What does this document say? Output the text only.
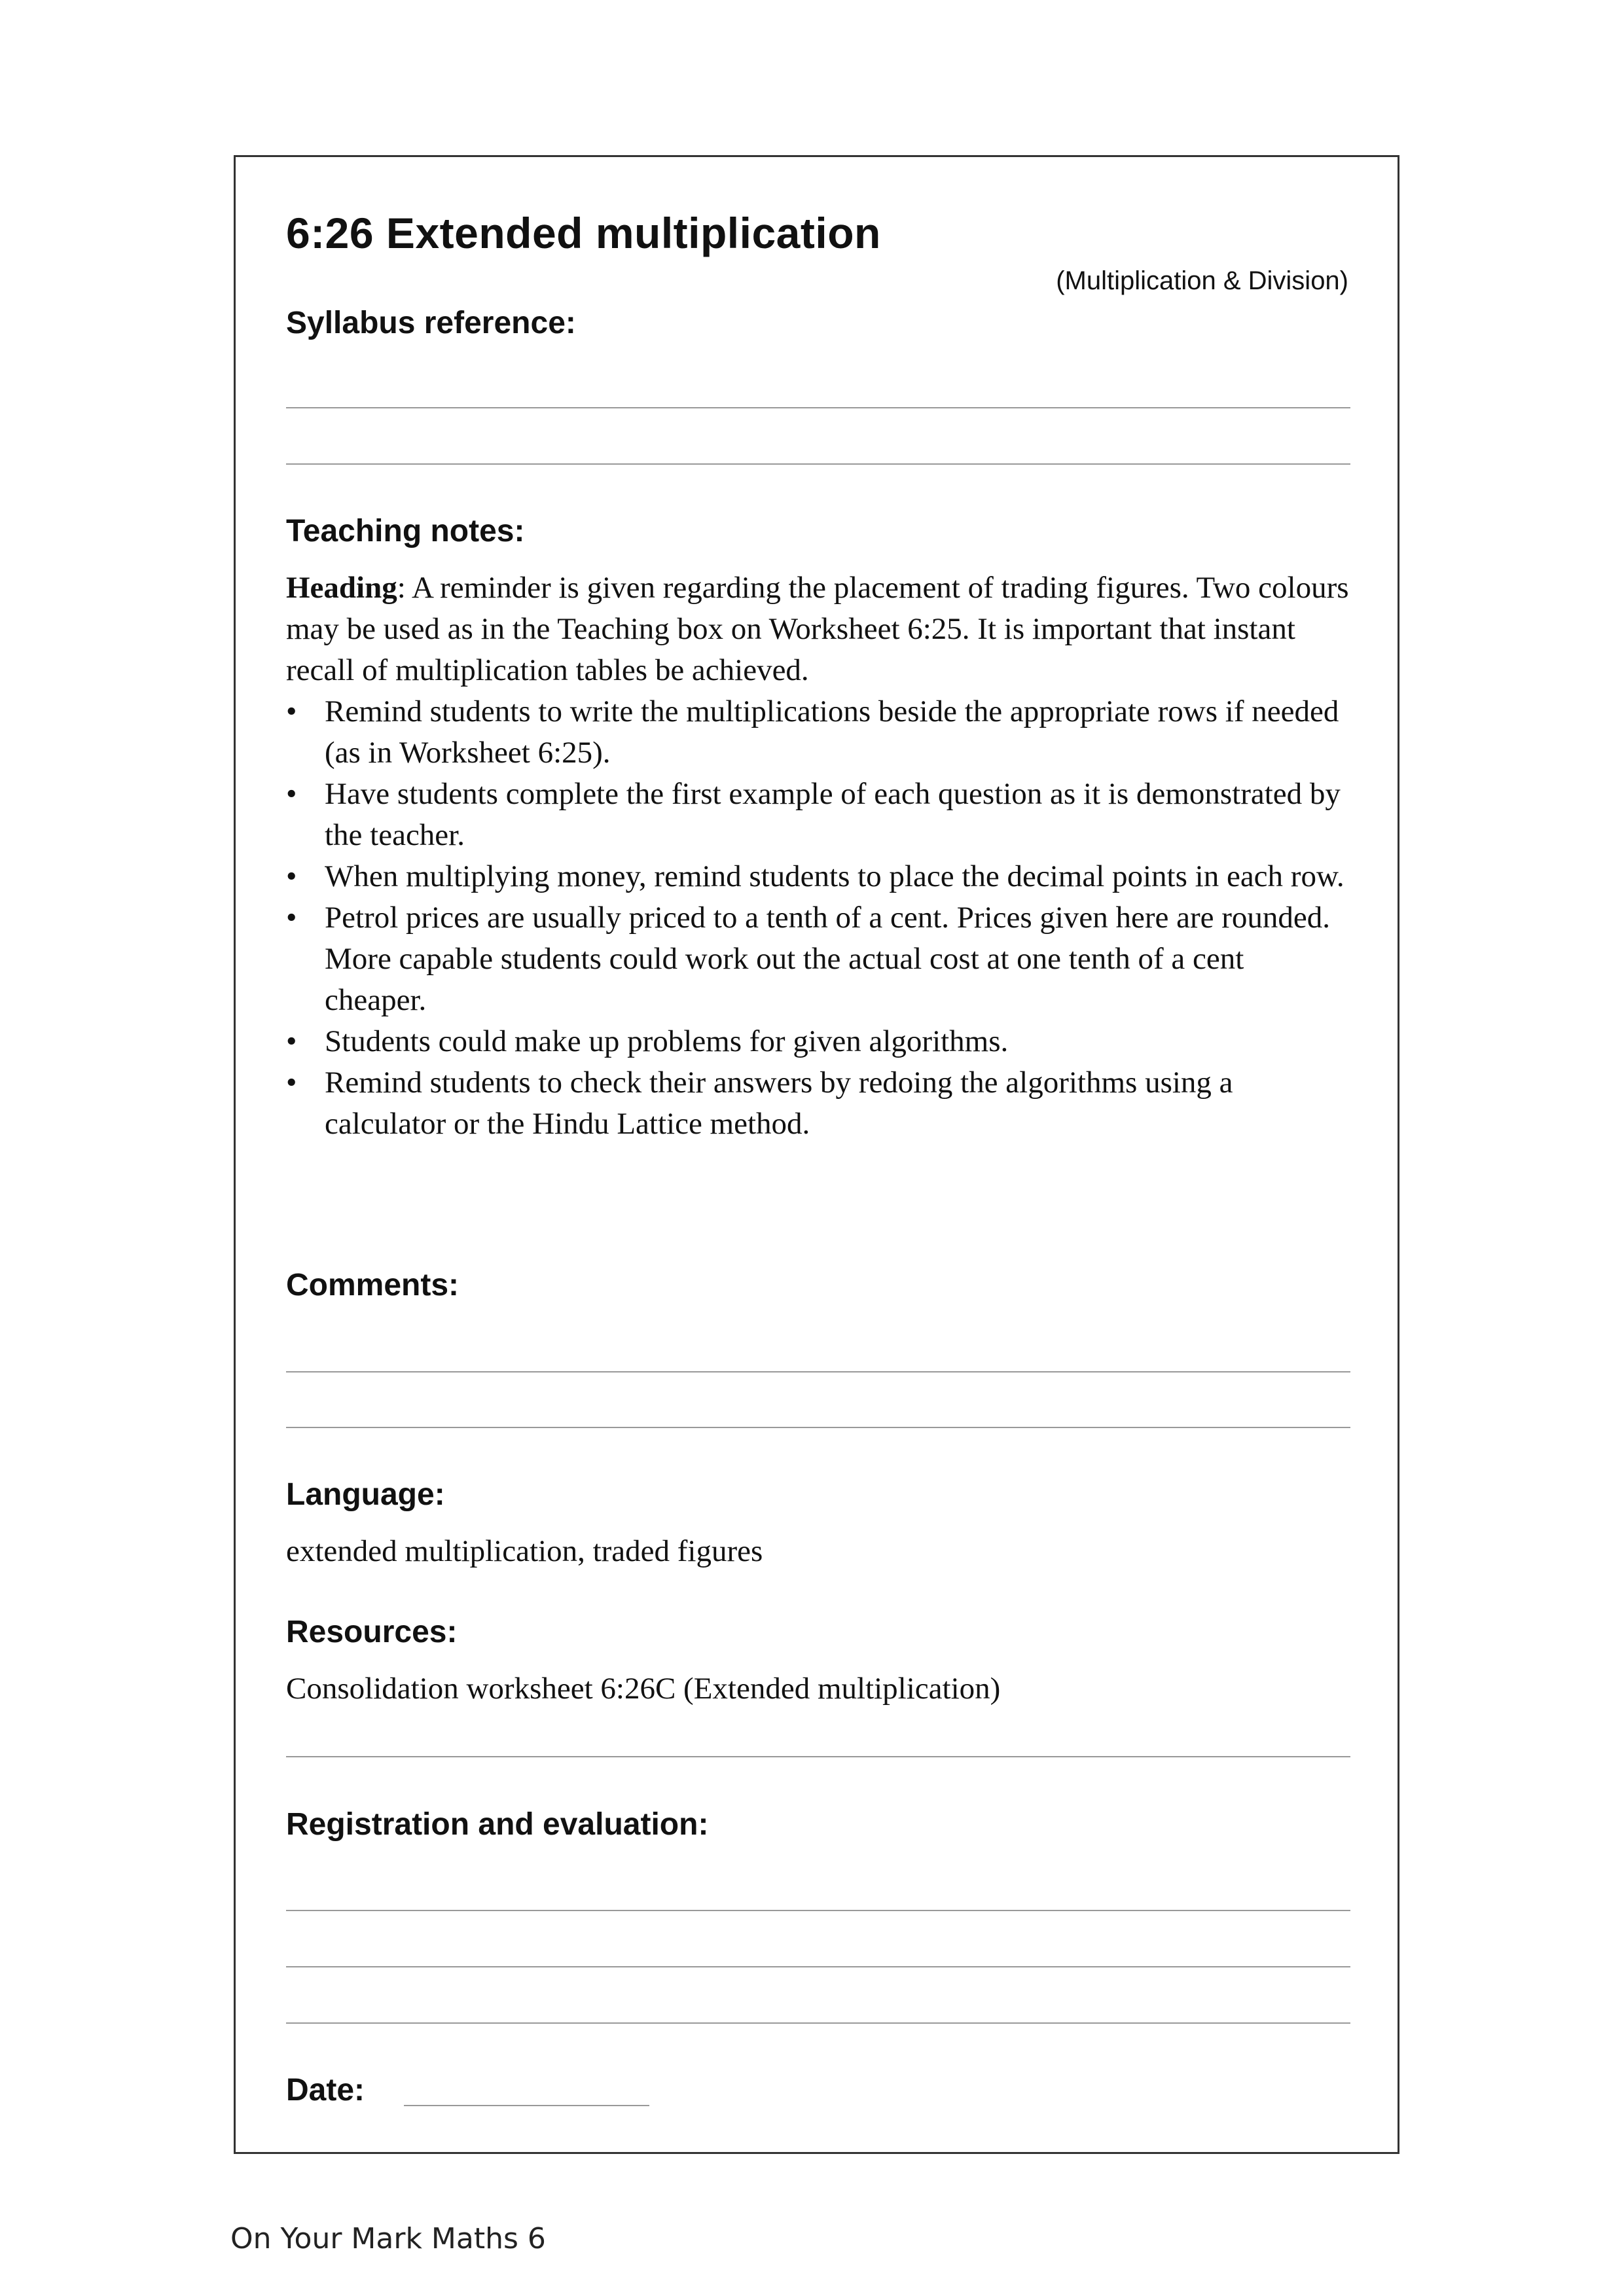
6:26 Extended multiplication
(Multiplication & Division)
Syllabus reference:
Teaching notes:

Heading: A reminder is given regarding the placement of trading figures. Two colours may be used as in the Teaching box on Worksheet 6:25. It is important that instant recall of multiplication tables be achieved.

• Remind students to write the multiplications beside the appropriate rows if needed (as in Worksheet 6:25).
• Have students complete the first example of each question as it is demonstrated by the teacher.
• When multiplying money, remind students to place the decimal points in each row.
• Petrol prices are usually priced to a tenth of a cent. Prices given here are rounded. More capable students could work out the actual cost at one tenth of a cent cheaper.
• Students could make up problems for given algorithms.
• Remind students to check their answers by redoing the algorithms using a calculator or the Hindu Lattice method.
Comments:
Language:
extended multiplication, traded figures
Resources:
Consolidation worksheet 6:26C (Extended multiplication)
Registration and evaluation:
Date:
On Your Mark Maths 6
